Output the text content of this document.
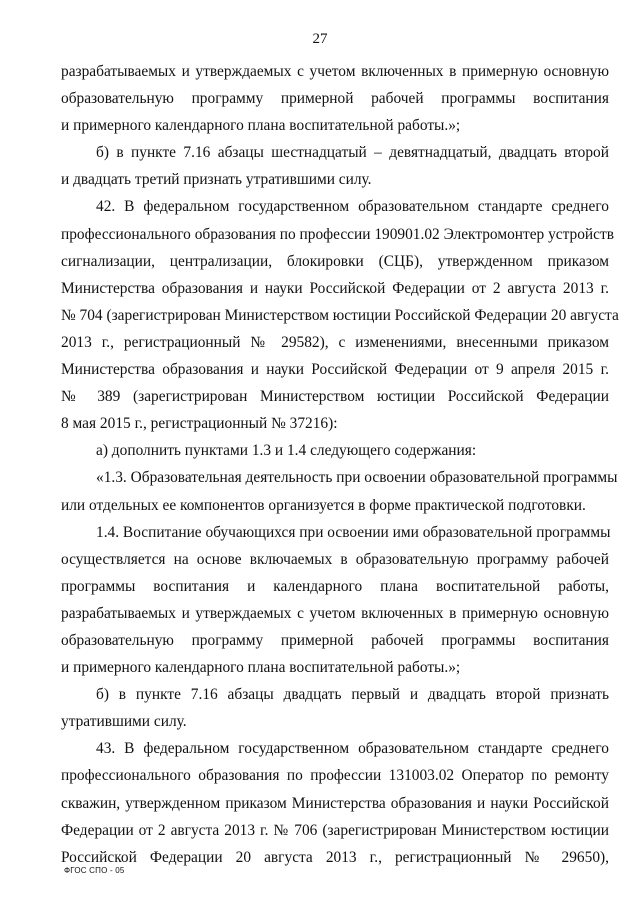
27
разрабатываемых и утверждаемых с учетом включенных в примерную основную
образовательную программу примерной рабочей программы воспитания
и примерного календарного плана воспитательной работы.»;
б) в пункте 7.16 абзацы шестнадцатый – девятнадцатый, двадцать второй
и двадцать третий признать утратившими силу.
42. В федеральном государственном образовательном стандарте среднего
профессионального образования по профессии 190901.02 Электромонтер устройств
сигнализации, централизации, блокировки (СЦБ), утвержденном приказом
Министерства образования и науки Российской Федерации от 2 августа 2013 г.
№ 704 (зарегистрирован Министерством юстиции Российской Федерации 20 августа
2013 г., регистрационный № 29582), с изменениями, внесенными приказом
Министерства образования и науки Российской Федерации от 9 апреля 2015 г.
№ 389 (зарегистрирован Министерством юстиции Российской Федерации
8 мая 2015 г., регистрационный № 37216):
а) дополнить пунктами 1.3 и 1.4 следующего содержания:
«1.3. Образовательная деятельность при освоении образовательной программы
или отдельных ее компонентов организуется в форме практической подготовки.
1.4. Воспитание обучающихся при освоении ими образовательной программы
осуществляется на основе включаемых в образовательную программу рабочей
программы воспитания и календарного плана воспитательной работы,
разрабатываемых и утверждаемых с учетом включенных в примерную основную
образовательную программу примерной рабочей программы воспитания
и примерного календарного плана воспитательной работы.»;
б) в пункте 7.16 абзацы двадцать первый и двадцать второй признать
утратившими силу.
43. В федеральном государственном образовательном стандарте среднего
профессионального образования по профессии 131003.02 Оператор по ремонту
скважин, утвержденном приказом Министерства образования и науки Российской
Федерации от 2 августа 2013 г. № 706 (зарегистрирован Министерством юстиции
Российской Федерации 20 августа 2013 г., регистрационный № 29650),
ФГОС СПО - 05
